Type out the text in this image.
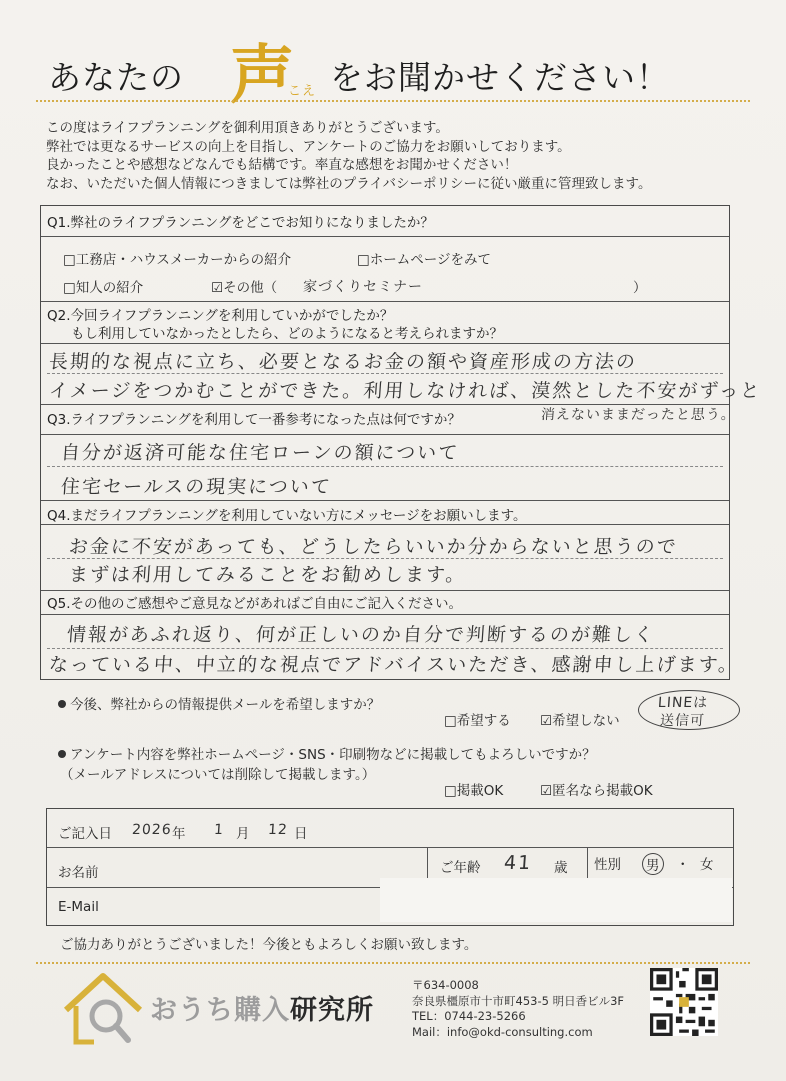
あなたの 声
こえ をお聞かせください！
この度はライフプランニングを御利用頂きありがとうございます。
弊社では更なるサービスの向上を目指し、アンケートのご協力をお願いしております。
良かったことや感想などなんでも結構です。率直な感想をお聞かせください！
なお、いただいた個人情報につきましては弊社のプライバシーポリシーに従い厳重に管理致します。
Q1.弊社のライフプランニングをどこでお知りになりましたか？
□工務店・ハウスメーカーからの紹介	□ホームページをみて
□知人の紹介	☑その他（ 家づくりセミナー	）
Q2.今回ライフプランニングを利用していかがでしたか？
もし利用していなかったとしたら、どのようになると考えられますか？
長期的な視点に立ち、必要となるお金の額や資産形成の方法の
イメージをつかむことができた。利用しなければ、漠然とした不安がずっと
Q3.ライフプランニングを利用して一番参考になった点は何ですか？	消えないままだったと思う。
自分が返済可能な住宅ローンの額について
住宅セールスの現実について
Q4.まだライフプランニングを利用していない方にメッセージをお願いします。
お金に不安があっても、どうしたらいいか分からないと思うので
まずは利用してみることをお勧めします。
Q5.その他のご感想やご意見などがあればご自由にご記入ください。
情報があふれ返り、何が正しいのか自分で判断するのが難しく
なっている中、中立的な視点でアドバイスいただき、感謝申し上げます。
今後、弊社からの情報提供メールを希望しますか？
□希望する ☑希望しない
LINEは
送信可
アンケート内容を弊社ホームページ・SNS・印刷物などに掲載してもよろしいですか？
（メールアドレスについては削除して掲載します。）
□掲載OK	☑匿名なら掲載OK
ご記入日 2026 年 1 月 12 日
お名前	ご年齢 41 歳 性別 男 ・ 女
E-Mail
ご協力ありがとうございました！今後ともよろしくお願い致します。
おうち購入研究所
〒634-0008
奈良県橿原市十市町453-5 明日香ビル3F
TEL：0744-23-5266
Mail：info@okd-consulting.com
